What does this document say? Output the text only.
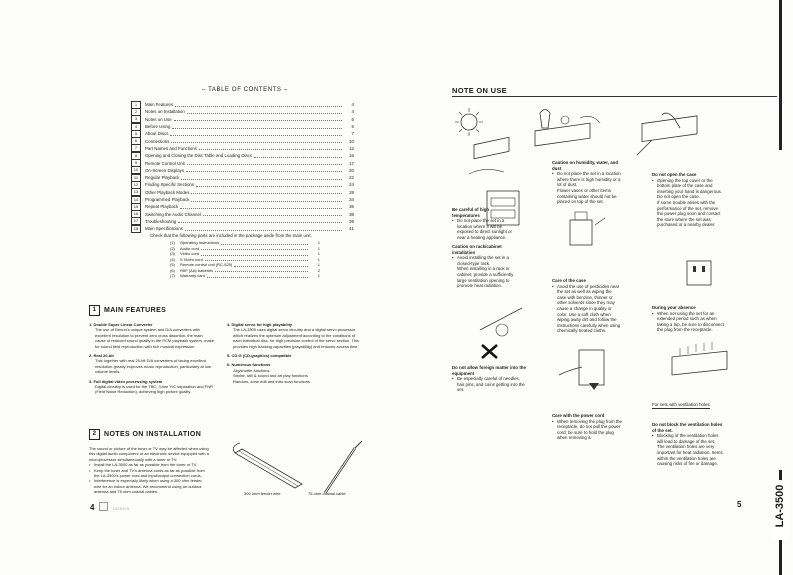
– TABLE OF CONTENTS –
1	Main Features	4
2	Notes on Installation	4
3	Notes on Use	5
4	Before Using	6
5	About Discs	7
6	Connections	10
7	Part Names and Functions	12
8	Opening and Closing the Disc Table and Loading Discs	16
9	Remote Control Unit	17
10	On-Screen Displays	20
11	Regular Playback	22
12	Finding Specific Sections	24
13	Other Playback Modes	28
14	Programmed Playback	34
15	Repeat Playback	36
16	Switching the Audio Channel	38
17	Troubleshooting	39
18	Main Specifications	41
Check that the following parts are included in the package aside from the main unit.
(1)	Operating Instructions	1
(2)	Audio cord	1
(3)	Video cord	1
(4)	S Video cord	1
(5)	Remote control unit (RC-525)	1
(6)	R6P (AA) batteries	2
(7)	Warranty card	1
1	MAIN FEATURES
1. Double Super Linear Converter
The use of Denon's unique system and D/A converters with excellent resolution to prevent zero cross distortion, the main cause of reduced sound quality in the PCM playback system, make for sound field reproduction with rich musical expression.
2. Real 20-bit
This together with real 20-bit D/A converters of facing excellent resolution greatly improves music reproduction, particularly at low volume levels.
3. Full digital video processing system
Digital circuitry is used for the TBC, 3-line Y/C separation and FNR (Field Noise Reduction), achieving high picture quality.
4. Digital servo for high playability
The LA-3500 uses digital servo circuitry and a digital servo processor which realizes the optimum adjustment according to the conditions of each individual disc, for high precision control of the servo section. This provides high tracking capacities (playability) and reduces access time.
5. CD-G (CD-graphics) compatible
6. Numerous functions
Jog/shuttle functions
Strobe, still & sound and art play functions
Random, zone edit and intro scan functions
2	NOTES ON INSTALLATION
The sound or picture of the tuner or TV may be affected when using this digital audio component or an electronic device equipped with a microprocessor simultaneously with a tuner or TV.
• Install the LA-3500 as far as possible from the tuner or TV.
• Keep the tuner and TV's antenna cords as far as possible from the LA-3500's power cord and input/output connection cords.
• Interference is especially likely when using a 300 ohm feeder wire for an indoor antenna. We recommend using an outdoor antenna and 75 ohm coaxial cables.	300 ohm feeder wire	75 ohm coaxial cable
4	DENON
NOTE ON USE
Be careful of high temperatures
• Do not place the set in a location where it will be exposed to direct sunlight or near a heating appliance.
Caution on rack/cabinet installation
• Avoid installing the set in a closed-type rack.
When installing in a rack or cabinet, provide a sufficiently large ventilation opening to promote heat radiation.
Caution on humidity, water, and dust
• Do not place the set in a location where there is high humidity or a lot of dust.
Flower vases or other items containing water should not be placed on top of the set.
Care of the case
• Avoid the use of pesticides near the set as well as wiping the case with benzine, thinner or other solvents since they may cause a change in quality or color. Use a soft cloth when wiping away dirt and follow the instructions carefully when using chemically treated cloths.
Do not open the case
• Opening the top cover or the bottom plate of the case and inserting your hand is dangerous. Do not open the case.
If some trouble arises with the performance of the set, remove the power plug soon and contact the store where the set was purchased or a nearby dealer.
Do not allow foreign matter into the equipment
• Be especially careful of needles, hair pins, and coins getting into the set.
Care with the power cord
• When removing the plug from the receptacle, do not pull the power cord; be sure to hold the plug when removing it.
During your absence
• When not using the set for an extended period such as when taking a trip, be sure to disconnect the plug from the receptacle.
Do not block the ventilation holes of the set.
• Blocking of the ventilation holes will lead to damage of the set.
The ventilation holes are very important for heat radiation. Items within the ventilation holes are causing risks of fire or damage.
For sets with ventilation holes
5	LA-3500
